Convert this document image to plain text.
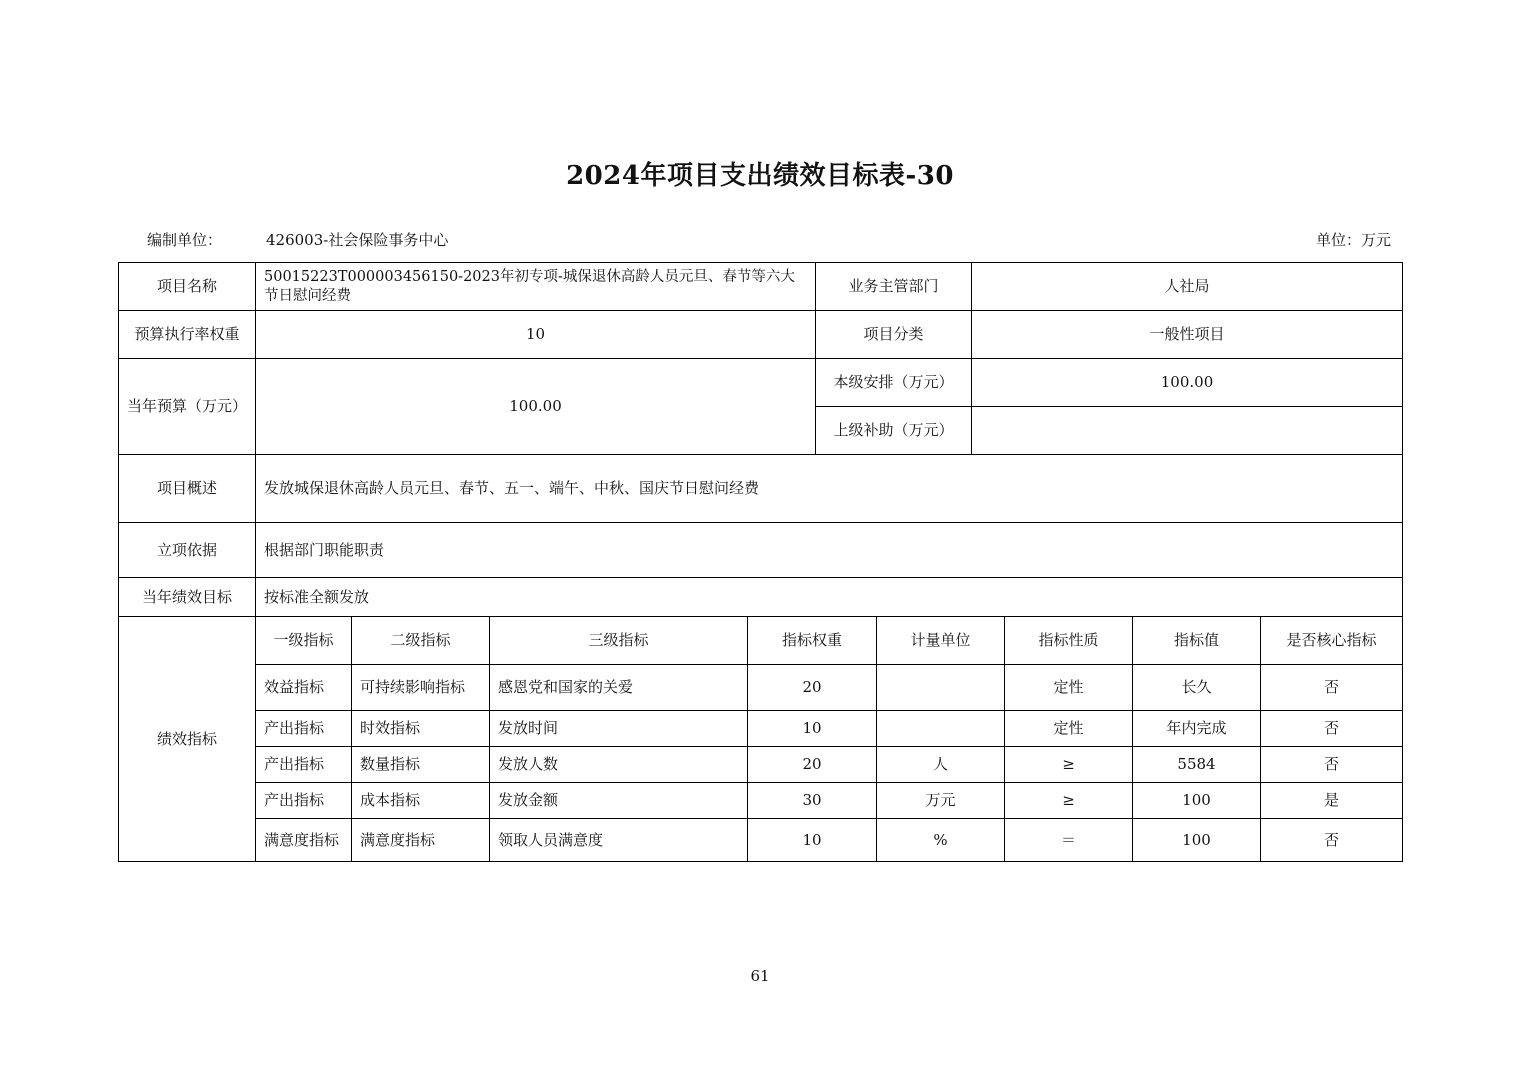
2024年项目支出绩效目标表-30
编制单位：	426003-社会保险事务中心	单位：万元
项目名称	50015223T000003456150-2023年初专项-城保退休高龄人员元旦、春节等六大节日慰问经费	业务主管部门	人社局
预算执行率权重	10	项目分类	一般性项目
当年预算（万元）	100.00	本级安排（万元）	100.00
		上级补助（万元）	
项目概述	发放城保退休高龄人员元旦、春节、五一、端午、中秋、国庆节日慰问经费		
立项依据	根据部门职能职责		
当年绩效目标	按标准全额发放		
绩效指标	一级指标	二级指标	三级指标	指标权重	计量单位	指标性质	指标值	是否核心指标
	效益指标	可持续影响指标	感恩党和国家的关爱	20		定性	长久	否
	产出指标	时效指标	发放时间	10		定性	年内完成	否
	产出指标	数量指标	发放人数	20	人	≥	5584	否
	产出指标	成本指标	发放金额	30	万元	≥	100	是
	满意度指标	满意度指标	领取人员满意度	10	%	＝	100	否
61
